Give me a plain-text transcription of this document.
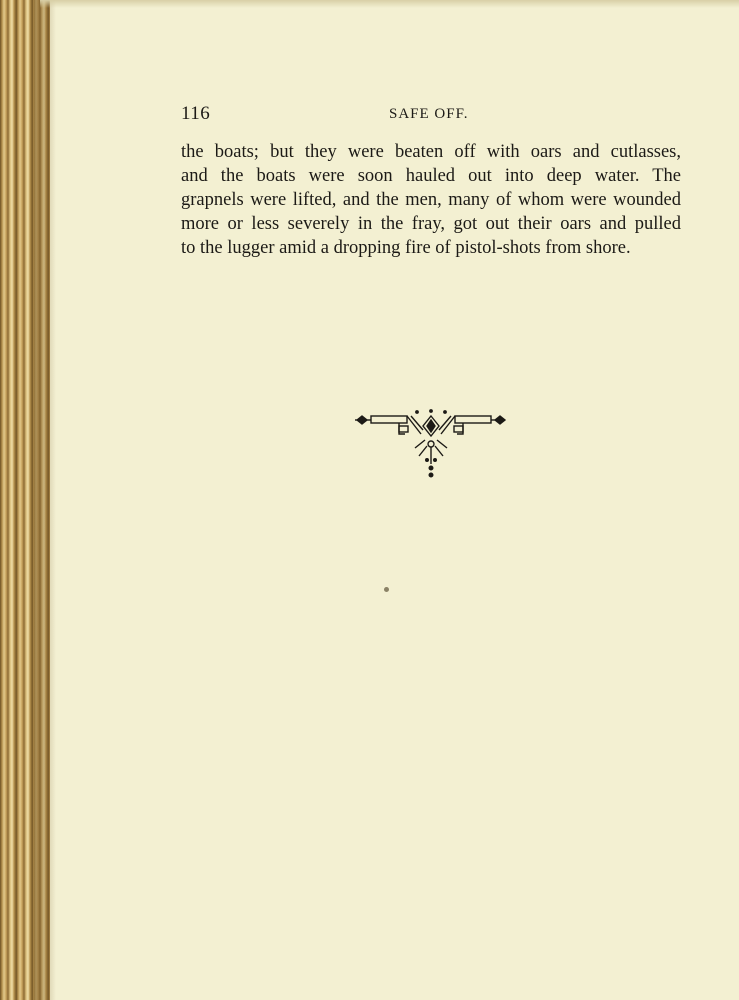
116	SAFE OFF.
the boats; but they were beaten off with oars and cutlasses,
and the boats were soon hauled out into deep water. The
grapnels were lifted, and the men, many of whom were wounded
more or less severely in the fray, got out their oars and pulled
to the lugger amid a dropping fire of pistol-shots from shore.
